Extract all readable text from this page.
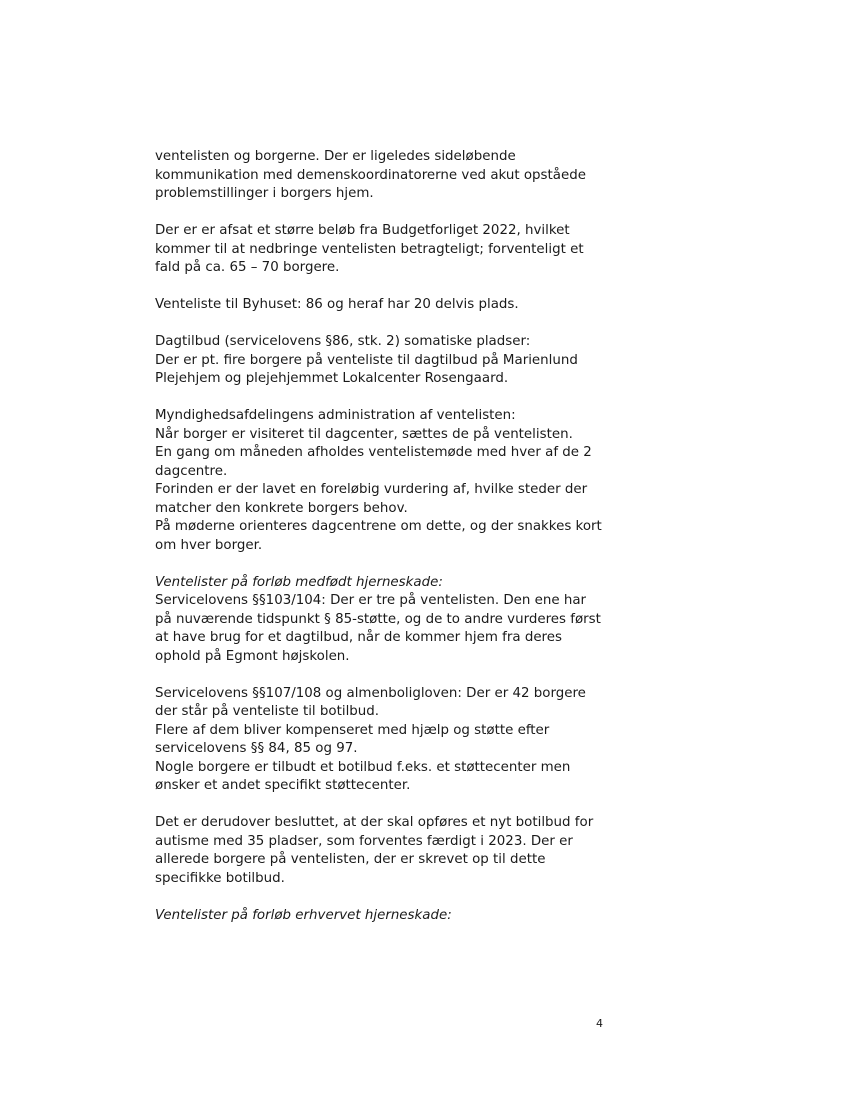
ventelisten og borgerne. Der er ligeledes sideløbende
kommunikation med demenskoordinatorerne ved akut opståede
problemstillinger i borgers hjem.

Der er er afsat et større beløb fra Budgetforliget 2022, hvilket
kommer til at nedbringe ventelisten betragteligt; forventeligt et
fald på ca. 65 – 70 borgere.

Venteliste til Byhuset: 86 og heraf har 20 delvis plads.

Dagtilbud (servicelovens §86, stk. 2) somatiske pladser:
Der er pt. fire borgere på venteliste til dagtilbud på Marienlund
Plejehjem og plejehjemmet Lokalcenter Rosengaard.

Myndighedsafdelingens administration af ventelisten:
Når borger er visiteret til dagcenter, sættes de på ventelisten.
En gang om måneden afholdes ventelistemøde med hver af de 2
dagcentre.
Forinden er der lavet en foreløbig vurdering af, hvilke steder der
matcher den konkrete borgers behov.
På møderne orienteres dagcentrene om dette, og der snakkes kort
om hver borger.

Ventelister på forløb medfødt hjerneskade:
Servicelovens §§103/104: Der er tre på ventelisten. Den ene har
på nuværende tidspunkt § 85-støtte, og de to andre vurderes først
at have brug for et dagtilbud, når de kommer hjem fra deres
ophold på Egmont højskolen.

Servicelovens §§107/108 og almenboligloven: Der er 42 borgere
der står på venteliste til botilbud.
Flere af dem bliver kompenseret med hjælp og støtte efter
servicelovens §§ 84, 85 og 97.
Nogle borgere er tilbudt et botilbud f.eks. et støttecenter men
ønsker et andet specifikt støttecenter.

Det er derudover besluttet, at der skal opføres et nyt botilbud for
autisme med 35 pladser, som forventes færdigt i 2023. Der er
allerede borgere på ventelisten, der er skrevet op til dette
specifikke botilbud.

Ventelister på forløb erhvervet hjerneskade:

4
